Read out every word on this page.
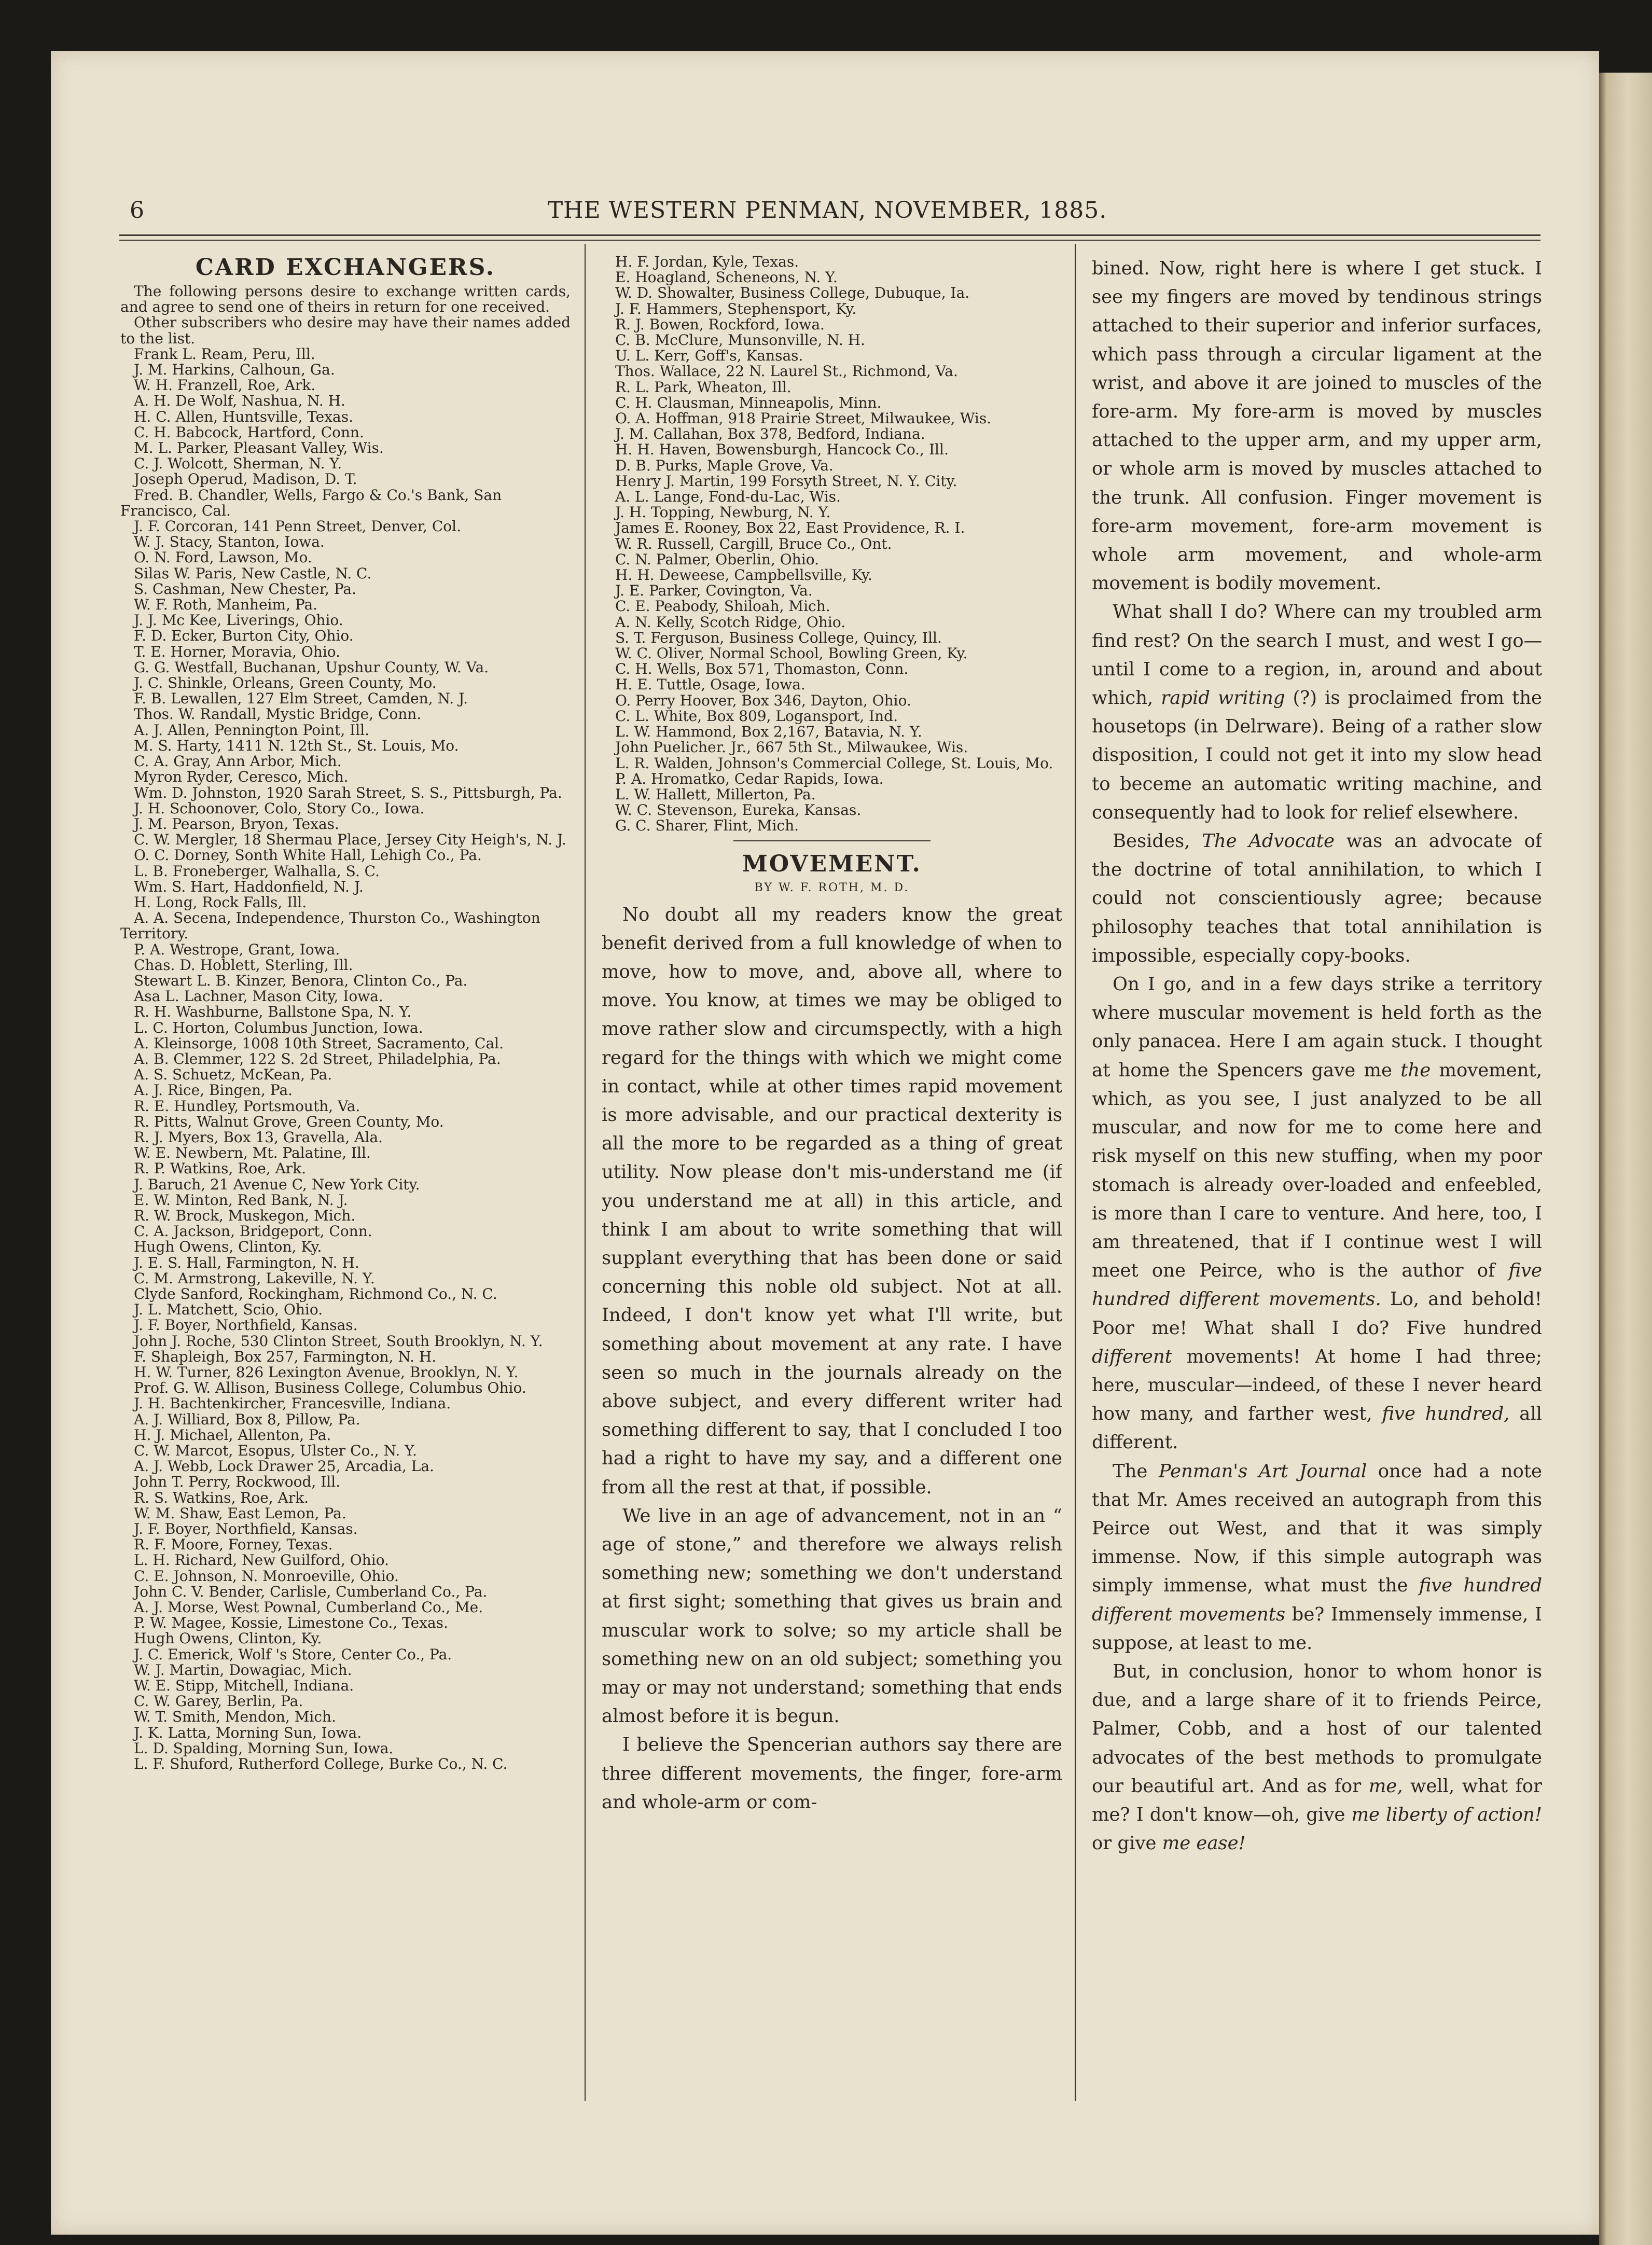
6	THE WESTERN PENMAN, NOVEMBER, 1885.
CARD EXCHANGERS.

The following persons desire to exchange written cards, and agree to send one of theirs in return for one received.

Other subscribers who desire may have their names added to the list.

Frank L. Ream, Peru, Ill.

J. M. Harkins, Calhoun, Ga.

W. H. Franzell, Roe, Ark.

A. H. De Wolf, Nashua, N. H.

H. C. Allen, Huntsville, Texas.

C. H. Babcock, Hartford, Conn.

M. L. Parker, Pleasant Valley, Wis.

C. J. Wolcott, Sherman, N. Y.

Joseph Operud, Madison, D. T.

Fred. B. Chandler, Wells, Fargo & Co.'s Bank, San Francisco, Cal.

J. F. Corcoran, 141 Penn Street, Denver, Col.

W. J. Stacy, Stanton, Iowa.

O. N. Ford, Lawson, Mo.

Silas W. Paris, New Castle, N. C.

S. Cashman, New Chester, Pa.

W. F. Roth, Manheim, Pa.

J. J. Mc Kee, Liverings, Ohio.

F. D. Ecker, Burton City, Ohio.

T. E. Horner, Moravia, Ohio.

G. G. Westfall, Buchanan, Upshur County, W. Va.

J. C. Shinkle, Orleans, Green County, Mo.

F. B. Lewallen, 127 Elm Street, Camden, N. J.

Thos. W. Randall, Mystic Bridge, Conn.

A. J. Allen, Pennington Point, Ill.

M. S. Harty, 1411 N. 12th St., St. Louis, Mo.

C. A. Gray, Ann Arbor, Mich.

Myron Ryder, Ceresco, Mich.

Wm. D. Johnston, 1920 Sarah Street, S. S., Pittsburgh, Pa.

J. H. Schoonover, Colo, Story Co., Iowa.

J. M. Pearson, Bryon, Texas.

C. W. Mergler, 18 Shermau Place, Jersey City Heigh's, N. J.

O. C. Dorney, Sonth White Hall, Lehigh Co., Pa.

L. B. Froneberger, Walhalla, S. C.

Wm. S. Hart, Haddonfield, N. J.

H. Long, Rock Falls, Ill.

A. A. Secena, Independence, Thurston Co., Washington Territory.

P. A. Westrope, Grant, Iowa.

Chas. D. Hoblett, Sterling, Ill.

Stewart L. B. Kinzer, Benora, Clinton Co., Pa.

Asa L. Lachner, Mason City, Iowa.

R. H. Washburne, Ballstone Spa, N. Y.

L. C. Horton, Columbus Junction, Iowa.

A. Kleinsorge, 1008 10th Street, Sacramento, Cal.

A. B. Clemmer, 122 S. 2d Street, Philadelphia, Pa.

A. S. Schuetz, McKean, Pa.

A. J. Rice, Bingen, Pa.

R. E. Hundley, Portsmouth, Va.

R. Pitts, Walnut Grove, Green County, Mo.

R. J. Myers, Box 13, Gravella, Ala.

W. E. Newbern, Mt. Palatine, Ill.

R. P. Watkins, Roe, Ark.

J. Baruch, 21 Avenue C, New York City.

E. W. Minton, Red Bank, N. J.

R. W. Brock, Muskegon, Mich.

C. A. Jackson, Bridgeport, Conn.

Hugh Owens, Clinton, Ky.

J. E. S. Hall, Farmington, N. H.

C. M. Armstrong, Lakeville, N. Y.

Clyde Sanford, Rockingham, Richmond Co., N. C.

J. L. Matchett, Scio, Ohio.

J. F. Boyer, Northfield, Kansas.

John J. Roche, 530 Clinton Street, South Brooklyn, N. Y.

F. Shapleigh, Box 257, Farmington, N. H.

H. W. Turner, 826 Lexington Avenue, Brooklyn, N. Y.

Prof. G. W. Allison, Business College, Columbus Ohio.

J. H. Bachtenkircher, Francesville, Indiana.

A. J. Williard, Box 8, Pillow, Pa.

H. J. Michael, Allenton, Pa.

C. W. Marcot, Esopus, Ulster Co., N. Y.

A. J. Webb, Lock Drawer 25, Arcadia, La.

John T. Perry, Rockwood, Ill.

R. S. Watkins, Roe, Ark.

W. M. Shaw, East Lemon, Pa.

J. F. Boyer, Northfield, Kansas.

R. F. Moore, Forney, Texas.

L. H. Richard, New Guilford, Ohio.

C. E. Johnson, N. Monroeville, Ohio.

John C. V. Bender, Carlisle, Cumberland Co., Pa.

A. J. Morse, West Pownal, Cumberland Co., Me.

P. W. Magee, Kossie, Limestone Co., Texas.

Hugh Owens, Clinton, Ky.

J. C. Emerick, Wolf 's Store, Center Co., Pa.

W. J. Martin, Dowagiac, Mich.

W. E. Stipp, Mitchell, Indiana.

C. W. Garey, Berlin, Pa.

W. T. Smith, Mendon, Mich.

J. K. Latta, Morning Sun, Iowa.

L. D. Spalding, Morning Sun, Iowa.

L. F. Shuford, Rutherford College, Burke Co., N. C.

H. F. Jordan, Kyle, Texas.

E. Hoagland, Scheneons, N. Y.

W. D. Showalter, Business College, Dubuque, Ia.

J. F. Hammers, Stephensport, Ky.

R. J. Bowen, Rockford, Iowa.

C. B. McClure, Munsonville, N. H.

U. L. Kerr, Goff's, Kansas.

Thos. Wallace, 22 N. Laurel St., Richmond, Va.

R. L. Park, Wheaton, Ill.

C. H. Clausman, Minneapolis, Minn.

O. A. Hoffman, 918 Prairie Street, Milwaukee, Wis.

J. M. Callahan, Box 378, Bedford, Indiana.

H. H. Haven, Bowensburgh, Hancock Co., Ill.

D. B. Purks, Maple Grove, Va.

Henry J. Martin, 199 Forsyth Street, N. Y. City.

A. L. Lange, Fond-du-Lac, Wis.

J. H. Topping, Newburg, N. Y.

James E. Rooney, Box 22, East Providence, R. I.

W. R. Russell, Cargill, Bruce Co., Ont.

C. N. Palmer, Oberlin, Ohio.

H. H. Deweese, Campbellsville, Ky.

J. E. Parker, Covington, Va.

C. E. Peabody, Shiloah, Mich.

A. N. Kelly, Scotch Ridge, Ohio.

S. T. Ferguson, Business College, Quincy, Ill.

W. C. Oliver, Normal School, Bowling Green, Ky.

C. H. Wells, Box 571, Thomaston, Conn.

H. E. Tuttle, Osage, Iowa.

O. Perry Hoover, Box 346, Dayton, Ohio.

C. L. White, Box 809, Logansport, Ind.

L. W. Hammond, Box 2,167, Batavia, N. Y.

John Puelicher. Jr., 667 5th St., Milwaukee, Wis.

L. R. Walden, Johnson's Commercial College, St. Louis, Mo.

P. A. Hromatko, Cedar Rapids, Iowa.

L. W. Hallett, Millerton, Pa.

W. C. Stevenson, Eureka, Kansas.

G. C. Sharer, Flint, Mich.

MOVEMENT.
BY W. F. ROTH, M. D.

No doubt all my readers know the great benefit derived from a full knowledge of when to move, how to move, and, above all, where to move. You know, at times we may be obliged to move rather slow and circumspectly, with a high regard for the things with which we might come in contact, while at other times rapid movement is more advisable, and our practical dexterity is all the more to be regarded as a thing of great utility. Now please don't mis-understand me (if you understand me at all) in this article, and think I am about to write something that will supplant everything that has been done or said concerning this noble old subject. Not at all. Indeed, I don't know yet what I'll write, but something about movement at any rate. I have seen so much in the journals already on the above subject, and every different writer had something different to say, that I concluded I too had a right to have my say, and a different one from all the rest at that, if possible.

We live in an age of advancement, not in an “ age of stone,” and therefore we always relish something new; something we don't understand at first sight; something that gives us brain and muscular work to solve; so my article shall be something new on an old subject; something you may or may not understand; something that ends almost before it is begun.

I believe the Spencerian authors say there are three different movements, the finger, fore-arm and whole-arm or com-

bined. Now, right here is where I get stuck. I see my fingers are moved by tendinous strings attached to their superior and inferior surfaces, which pass through a circular ligament at the wrist, and above it are joined to muscles of the fore-arm. My fore-arm is moved by muscles attached to the upper arm, and my upper arm, or whole arm is moved by muscles attached to the trunk. All confusion. Finger movement is fore-arm movement, fore-arm movement is whole arm movement, and whole-arm movement is bodily movement.

What shall I do? Where can my troubled arm find rest? On the search I must, and west I go—until I come to a region, in, around and about which, rapid writing (?) is proclaimed from the housetops (in Delrware). Being of a rather slow disposition, I could not get it into my slow head to beceme an automatic writing machine, and consequently had to look for relief elsewhere.

Besides, The Advocate was an advocate of the doctrine of total annihilation, to which I could not conscientiously agree; because philosophy teaches that total annihilation is impossible, especially copy-books.

On I go, and in a few days strike a territory where muscular movement is held forth as the only panacea. Here I am again stuck. I thought at home the Spencers gave me the movement, which, as you see, I just analyzed to be all muscular, and now for me to come here and risk myself on this new stuffing, when my poor stomach is already over-loaded and enfeebled, is more than I care to venture. And here, too, I am threatened, that if I continue west I will meet one Peirce, who is the author of five hundred different movements. Lo, and behold! Poor me! What shall I do? Five hundred different movements! At home I had three; here, muscular—indeed, of these I never heard how many, and farther west, five hundred, all different.

The Penman's Art Journal once had a note that Mr. Ames received an autograph from this Peirce out West, and that it was simply immense. Now, if this simple autograph was simply immense, what must the five hundred different movements be? Immensely immense, I suppose, at least to me.

But, in conclusion, honor to whom honor is due, and a large share of it to friends Peirce, Palmer, Cobb, and a host of our talented advocates of the best methods to promulgate our beautiful art. And as for me, well, what for me? I don't know—oh, give me liberty of action! or give me ease!
